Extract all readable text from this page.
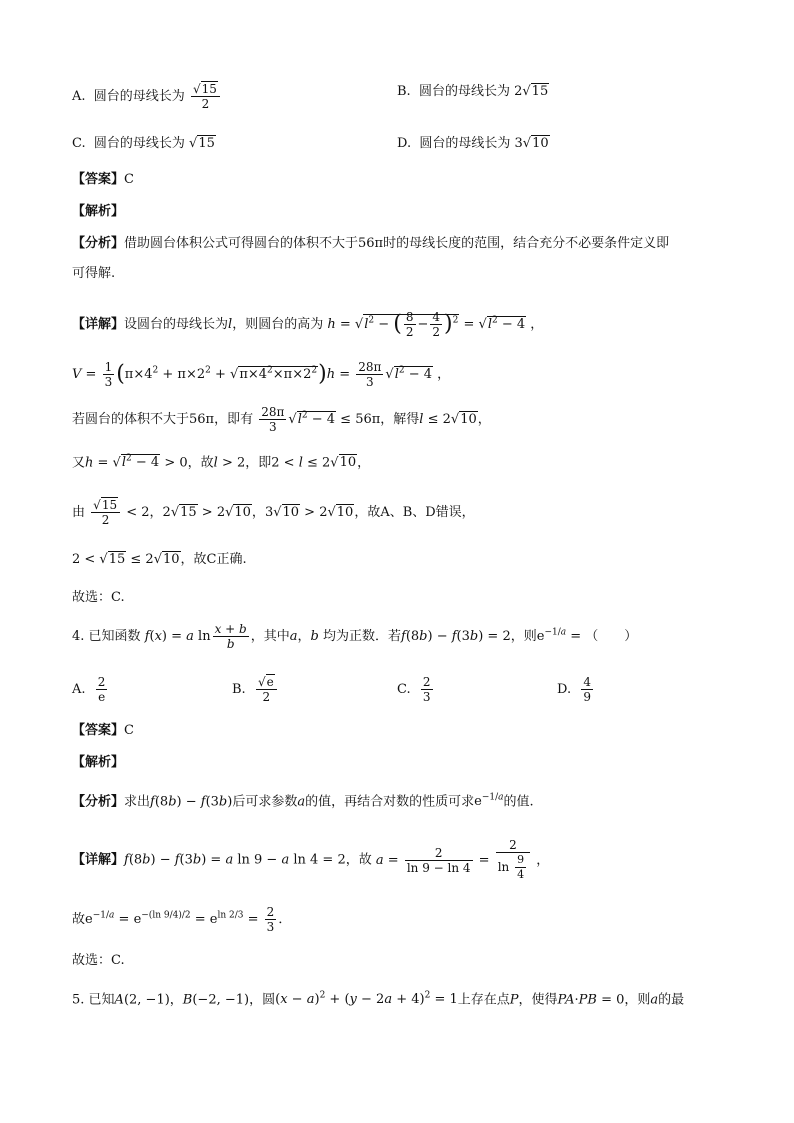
A. 圆台的母线长为 $\frac{√15}{2}$	B. 圆台的母线长为 2√15
C. 圆台的母线长为 √15	D. 圆台的母线长为 3√10
【答案】C
【解析】
【分析】借助圆台体积公式可得圆台的体积不大于56π时的母线长度的范围，结合充分不必要条件定义即
可得解.
【详解】设圆台的母线长为l，则圆台的高为 $h = √l^2$ − ( $\frac{8}{2} - \frac{4}{2} )^2 = √l^2 - 4$ ，
$V = \frac{1}{3} (\pi\times 4^2 + \pi\times 2^2 + √\pi\times 4^2\times\pi\times 2^2)h = \frac{28\pi}{3} √l^2 - 4$ ，
若圆台的体积不大于56π，即有 $\frac{28\pi}{3} √l^2 - 4 \le 56\pi$，解得l ≤ 2√10，
又$h = √l^2 - 4 > 0$，故l > 2，即2 < l ≤ 2√10，
由 $\frac{√15}{2} < 2$，2√15 > 2√10，3√10 > 2√10，故A、B、D错误，
2 < √15 ≤ 2√10，故C正确.
故选：C.
4. 已知函数 f(x) = a $\ln \frac{x + b}{b}$ ，其中a，b 均为正数．若f(8b) − f(3b) = 2，则$e^{-1/a}$ = （　　）
A. $\frac{2}{e}$	B. $\frac{√e}{2}$	C. $\frac{2}{3}$	D. $\frac{4}{9}$
【答案】C
【解析】
【分析】求出f(8b) − f(3b)后可求参数a的值，再结合对数的性质可求$e^{-1/a}$的值.
【详解】f(8b) − f(3b) = a ln 9 − a ln 4 = 2，故 $a = \frac{2}{\ln 9 - \ln 4} = \frac{2}{\ln \frac{9}{4}}$ ，
故$e^{-1/a} = e^{-(ln 9/4)/2} = e^{ln 2/3} = \frac{2}{3}$ ．
故选：C.
5. 已知A(2, −1)，B(−2, −1)，圆$(x - a)^2 + (y - 2a + 4)^2 = 1$上存在点P，使得PA·PB = 0，则a的最
